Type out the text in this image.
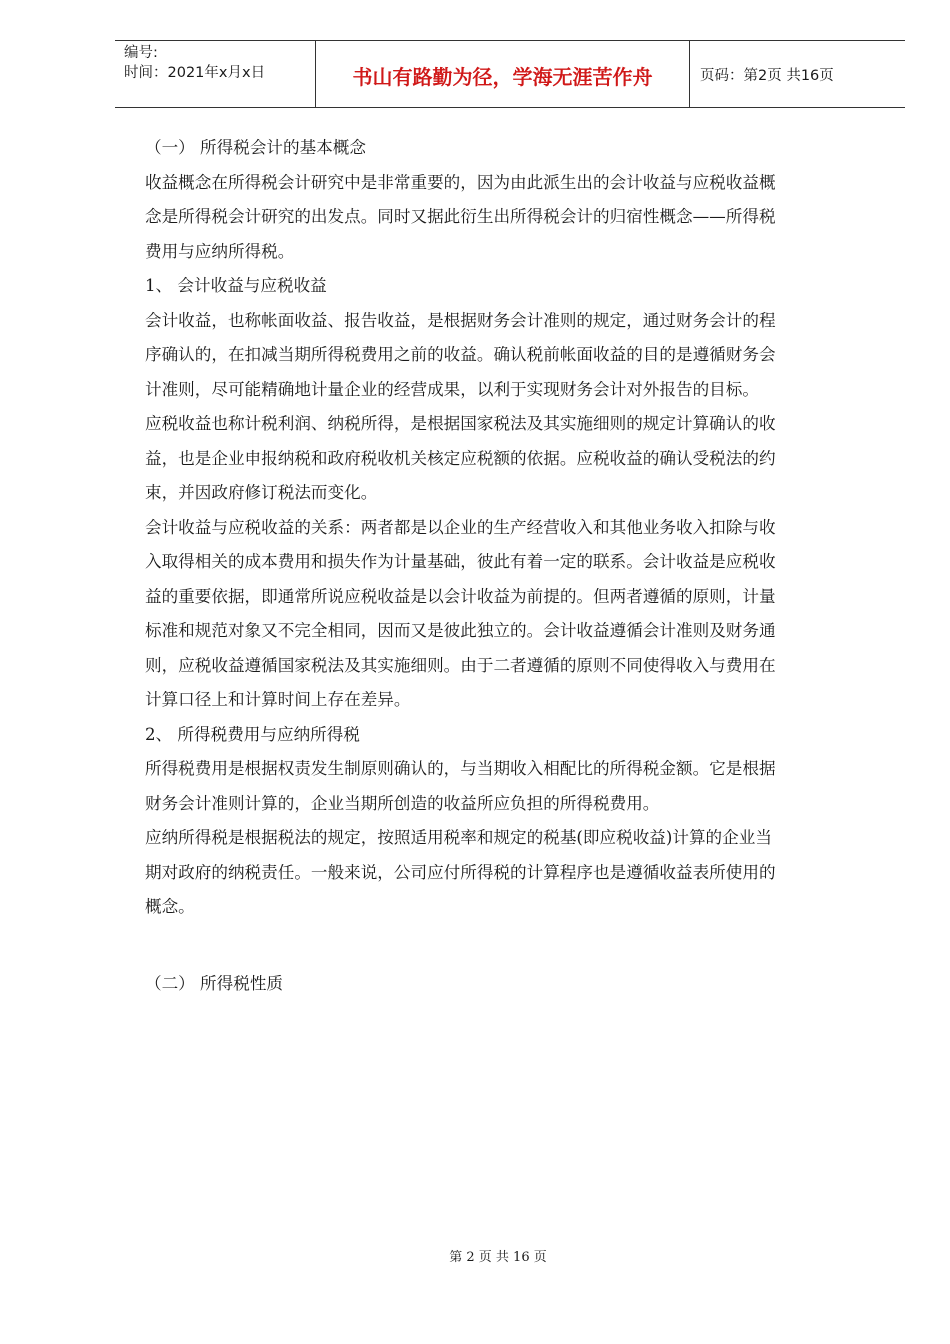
编号:
时间：2021年x月x日	书山有路勤为径，学海无涯苦作舟	页码：第2页 共16页

（一） 所得税会计的基本概念

收益概念在所得税会计研究中是非常重要的，因为由此派生出的会计收益与应税收益概

念是所得税会计研究的出发点。同时又据此衍生出所得税会计的归宿性概念——所得税

费用与应纳所得税。

1、 会计收益与应税收益

会计收益，也称帐面收益、报告收益，是根据财务会计准则的规定，通过财务会计的程

序确认的，在扣减当期所得税费用之前的收益。确认税前帐面收益的目的是遵循财务会

计准则，尽可能精确地计量企业的经营成果，以利于实现财务会计对外报告的目标。

应税收益也称计税利润、纳税所得，是根据国家税法及其实施细则的规定计算确认的收

益，也是企业申报纳税和政府税收机关核定应税额的依据。应税收益的确认受税法的约

束，并因政府修订税法而变化。

会计收益与应税收益的关系：两者都是以企业的生产经营收入和其他业务收入扣除与收

入取得相关的成本费用和损失作为计量基础，彼此有着一定的联系。会计收益是应税收

益的重要依据，即通常所说应税收益是以会计收益为前提的。但两者遵循的原则，计量

标准和规范对象又不完全相同，因而又是彼此独立的。会计收益遵循会计准则及财务通

则，应税收益遵循国家税法及其实施细则。由于二者遵循的原则不同使得收入与费用在

计算口径上和计算时间上存在差异。

2、 所得税费用与应纳所得税

所得税费用是根据权责发生制原则确认的，与当期收入相配比的所得税金额。它是根据

财务会计准则计算的，企业当期所创造的收益所应负担的所得税费用。

应纳所得税是根据税法的规定，按照适用税率和规定的税基(即应税收益)计算的企业当

期对政府的纳税责任。一般来说，公司应付所得税的计算程序也是遵循收益表所使用的

概念。

（二） 所得税性质

第 2 页 共 16 页
